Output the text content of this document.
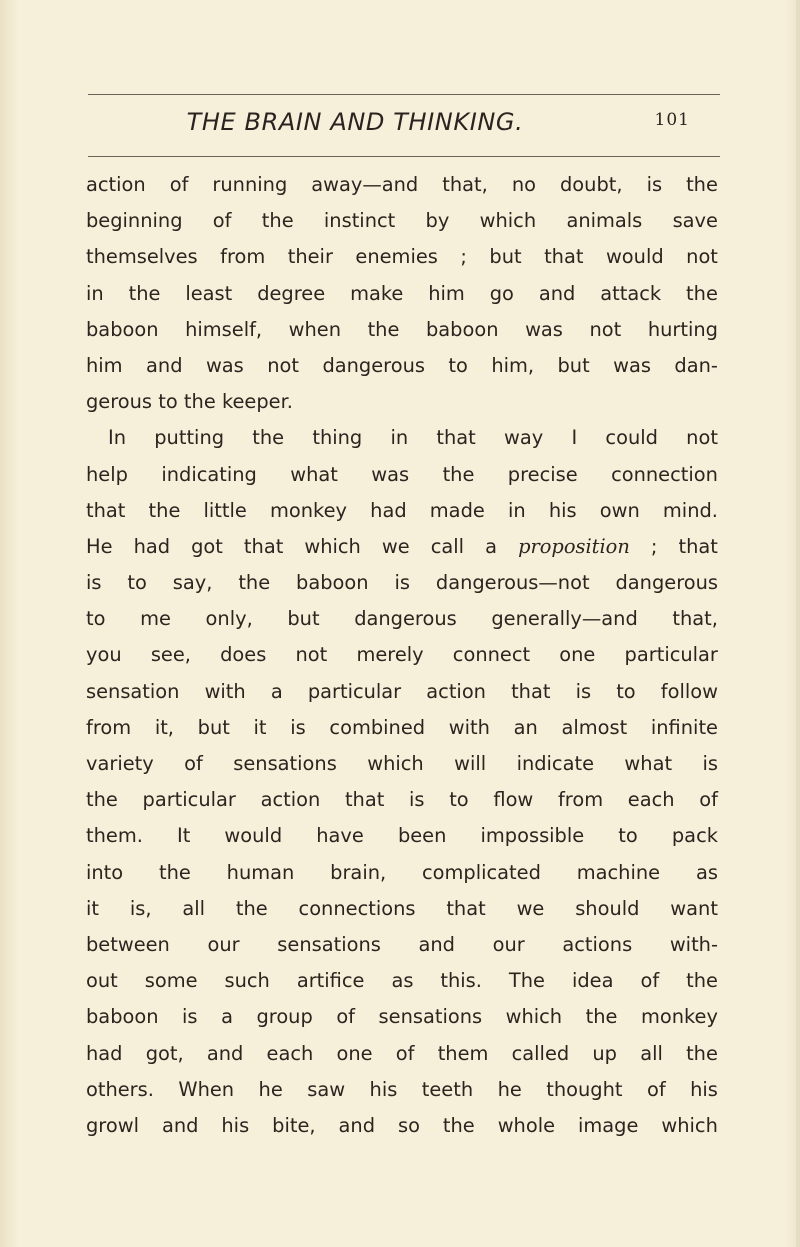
THE BRAIN AND THINKING.	101
action of running away—and that, no doubt, is the
beginning of the instinct by which animals save
themselves from their enemies ; but that would not
in the least degree make him go and attack the
baboon himself, when the baboon was not hurting
him and was not dangerous to him, but was dan-
gerous to the keeper.
In putting the thing in that way I could not
help indicating what was the precise connection
that the little monkey had made in his own mind.
He had got that which we call a proposition ; that
is to say, the baboon is dangerous—not dangerous
to me only, but dangerous generally—and that,
you see, does not merely connect one particular
sensation with a particular action that is to follow
from it, but it is combined with an almost infinite
variety of sensations which will indicate what is
the particular action that is to flow from each of
them. It would have been impossible to pack
into the human brain, complicated machine as
it is, all the connections that we should want
between our sensations and our actions with-
out some such artifice as this. The idea of the
baboon is a group of sensations which the monkey
had got, and each one of them called up all the
others. When he saw his teeth he thought of his
growl and his bite, and so the whole image which
